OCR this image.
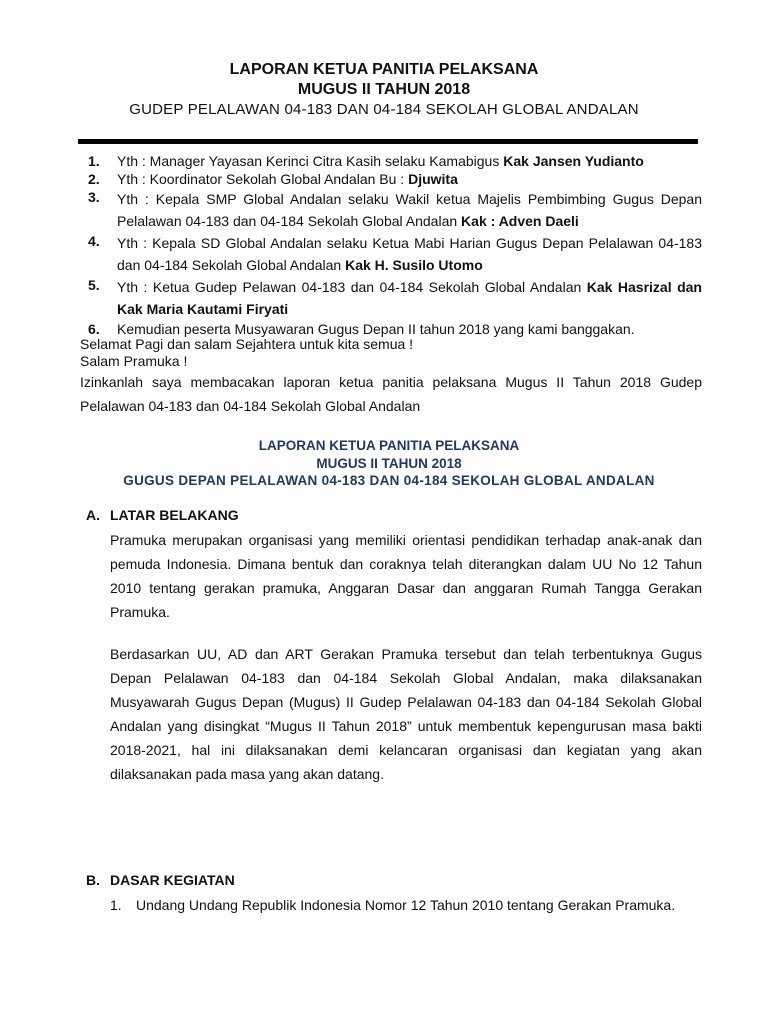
LAPORAN KETUA PANITIA PELAKSANA
MUGUS II TAHUN 2018
GUDEP PELALAWAN 04-183 DAN 04-184 SEKOLAH GLOBAL ANDALAN
1. Yth : Manager Yayasan Kerinci Citra Kasih selaku Kamabigus Kak Jansen Yudianto
2. Yth : Koordinator Sekolah Global Andalan Bu : Djuwita
3. Yth : Kepala SMP Global Andalan selaku Wakil ketua Majelis Pembimbing Gugus Depan Pelalawan 04-183 dan 04-184 Sekolah Global Andalan Kak : Adven Daeli
4. Yth : Kepala SD Global Andalan selaku Ketua Mabi Harian Gugus Depan Pelalawan 04-183 dan 04-184 Sekolah Global Andalan Kak H. Susilo Utomo
5. Yth : Ketua Gudep Pelawan 04-183 dan 04-184 Sekolah Global Andalan Kak Hasrizal dan Kak Maria Kautami Firyati
6. Kemudian peserta Musyawaran Gugus Depan II tahun 2018 yang kami banggakan.
Selamat Pagi dan salam Sejahtera untuk kita semua !
Salam Pramuka !
Izinkanlah saya membacakan laporan ketua panitia pelaksana Mugus II Tahun 2018 Gudep Pelalawan 04-183 dan 04-184 Sekolah Global Andalan
LAPORAN KETUA PANITIA PELAKSANA
MUGUS II TAHUN 2018
GUGUS DEPAN PELALAWAN 04-183 DAN 04-184 SEKOLAH GLOBAL ANDALAN
A. LATAR BELAKANG
Pramuka merupakan organisasi yang memiliki orientasi pendidikan terhadap anak-anak dan pemuda Indonesia. Dimana bentuk dan coraknya telah diterangkan dalam UU No 12 Tahun 2010 tentang gerakan pramuka, Anggaran Dasar dan anggaran Rumah Tangga Gerakan Pramuka.
Berdasarkan UU, AD dan ART Gerakan Pramuka tersebut dan telah terbentuknya Gugus Depan Pelalawan 04-183 dan 04-184 Sekolah Global Andalan, maka dilaksanakan Musyawarah Gugus Depan (Mugus) II Gudep Pelalawan 04-183 dan 04-184 Sekolah Global Andalan yang disingkat “Mugus II Tahun 2018” untuk membentuk kepengurusan masa bakti 2018-2021, hal ini dilaksanakan demi kelancaran organisasi dan kegiatan yang akan dilaksanakan pada masa yang akan datang.
B. DASAR KEGIATAN
1. Undang Undang Republik Indonesia Nomor 12 Tahun 2010 tentang Gerakan Pramuka.
